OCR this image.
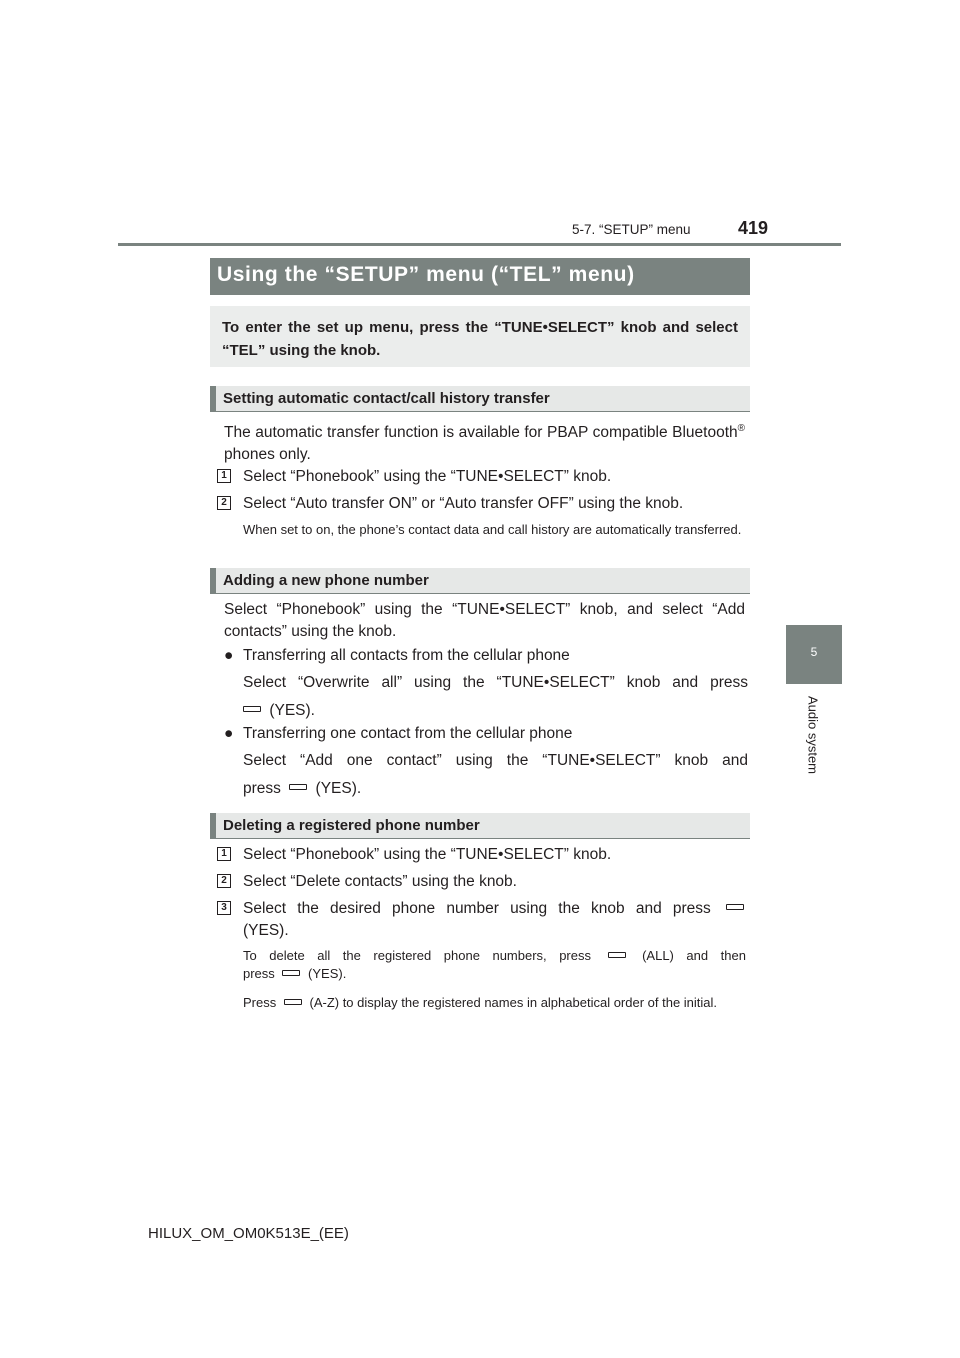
5-7. “SETUP” menu	419
5
Audio system
Using the “SETUP” menu (“TEL” menu)
To enter the set up menu, press the “TUNE•SELECT” knob and select “TEL” using the knob.
Setting automatic contact/call history transfer
The automatic transfer function is available for PBAP compatible Bluetooth® phones only.
1 Select “Phonebook” using the “TUNE•SELECT” knob.
2 Select “Auto transfer ON” or “Auto transfer OFF” using the knob.
When set to on, the phone’s contact data and call history are automatically transferred.
Adding a new phone number
Select “Phonebook” using the “TUNE•SELECT” knob, and select “Add contacts” using the knob.
● Transferring all contacts from the cellular phone
Select “Overwrite all” using the “TUNE•SELECT” knob and press
(YES).
● Transferring one contact from the cellular phone
Select “Add one contact” using the “TUNE•SELECT” knob and
press (YES).
Deleting a registered phone number
1 Select “Phonebook” using the “TUNE•SELECT” knob.
2 Select “Delete contacts” using the knob.
3 Select the desired phone number using the knob and press
(YES).
To delete all the registered phone numbers, press	(ALL) and then
press	(YES).
Press	(A-Z) to display the registered names in alphabetical order of the initial.
HILUX_OM_OM0K513E_(EE)
